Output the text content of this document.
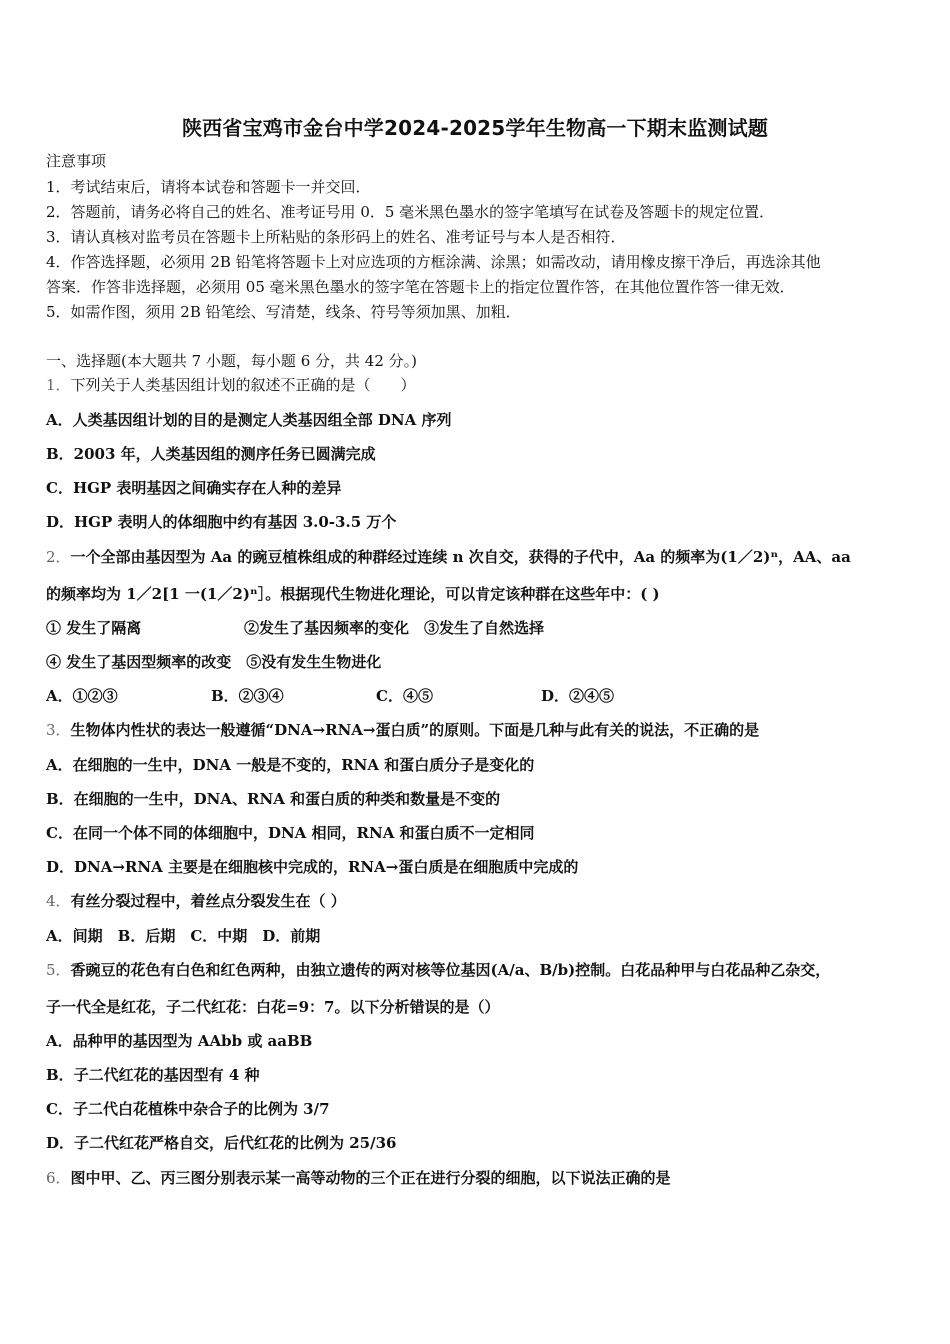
陕西省宝鸡市金台中学2024-2025学年生物高一下期末监测试题
注意事项
1．考试结束后，请将本试卷和答题卡一并交回．
2．答题前，请务必将自己的姓名、准考证号用 0．5 毫米黑色墨水的签字笔填写在试卷及答题卡的规定位置．
3．请认真核对监考员在答题卡上所粘贴的条形码上的姓名、准考证号与本人是否相符．
4．作答选择题，必须用 2B 铅笔将答题卡上对应选项的方框涂满、涂黑；如需改动，请用橡皮擦干净后，再选涂其他
答案．作答非选择题，必须用 05 毫米黑色墨水的签字笔在答题卡上的指定位置作答，在其他位置作答一律无效．
5．如需作图，须用 2B 铅笔绘、写清楚，线条、符号等须加黑、加粗．
一、选择题(本大题共 7 小题，每小题 6 分，共 42 分。)
1．下列关于人类基因组计划的叙述不正确的是（　　）
A．人类基因组计划的目的是测定人类基因组全部 DNA 序列
B．2003 年，人类基因组的测序任务已圆满完成
C．HGP 表明基因之间确实存在人种的差异
D．HGP 表明人的体细胞中约有基因 3.0-3.5 万个
2．一个全部由基因型为 Aa 的豌豆植株组成的种群经过连续 n 次自交，获得的子代中，Aa 的频率为(1／2)ⁿ，AA、aa
的频率均为 1／2[1 一(1／2)ⁿ］。根据现代生物进化理论，可以肯定该种群在这些年中：( )
① 发生了隔离	②发生了基因频率的变化　③发生了自然选择
④ 发生了基因型频率的改变　⑤没有发生生物进化
A．①②③	B．②③④	C．④⑤	D．②④⑤
3．生物体内性状的表达一般遵循“DNA→RNA→蛋白质”的原则。下面是几种与此有关的说法，不正确的是
A．在细胞的一生中，DNA 一般是不变的，RNA 和蛋白质分子是变化的
B．在细胞的一生中，DNA、RNA 和蛋白质的种类和数量是不变的
C．在同一个体不同的体细胞中，DNA 相同，RNA 和蛋白质不一定相同
D．DNA→RNA 主要是在细胞核中完成的，RNA→蛋白质是在细胞质中完成的
4．有丝分裂过程中，着丝点分裂发生在（ ）
A．间期　B．后期　C．中期　D．前期
5．香豌豆的花色有白色和红色两种，由独立遗传的两对核等位基因(A/a、B/b)控制。白花品种甲与白花品种乙杂交，
子一代全是红花，子二代红花：白花=9：7。以下分析错误的是（）
A．品种甲的基因型为 AAbb 或 aaBB
B．子二代红花的基因型有 4 种
C．子二代白花植株中杂合子的比例为 3/7
D．子二代红花严格自交，后代红花的比例为 25/36
6．图中甲、乙、丙三图分别表示某一高等动物的三个正在进行分裂的细胞，以下说法正确的是
